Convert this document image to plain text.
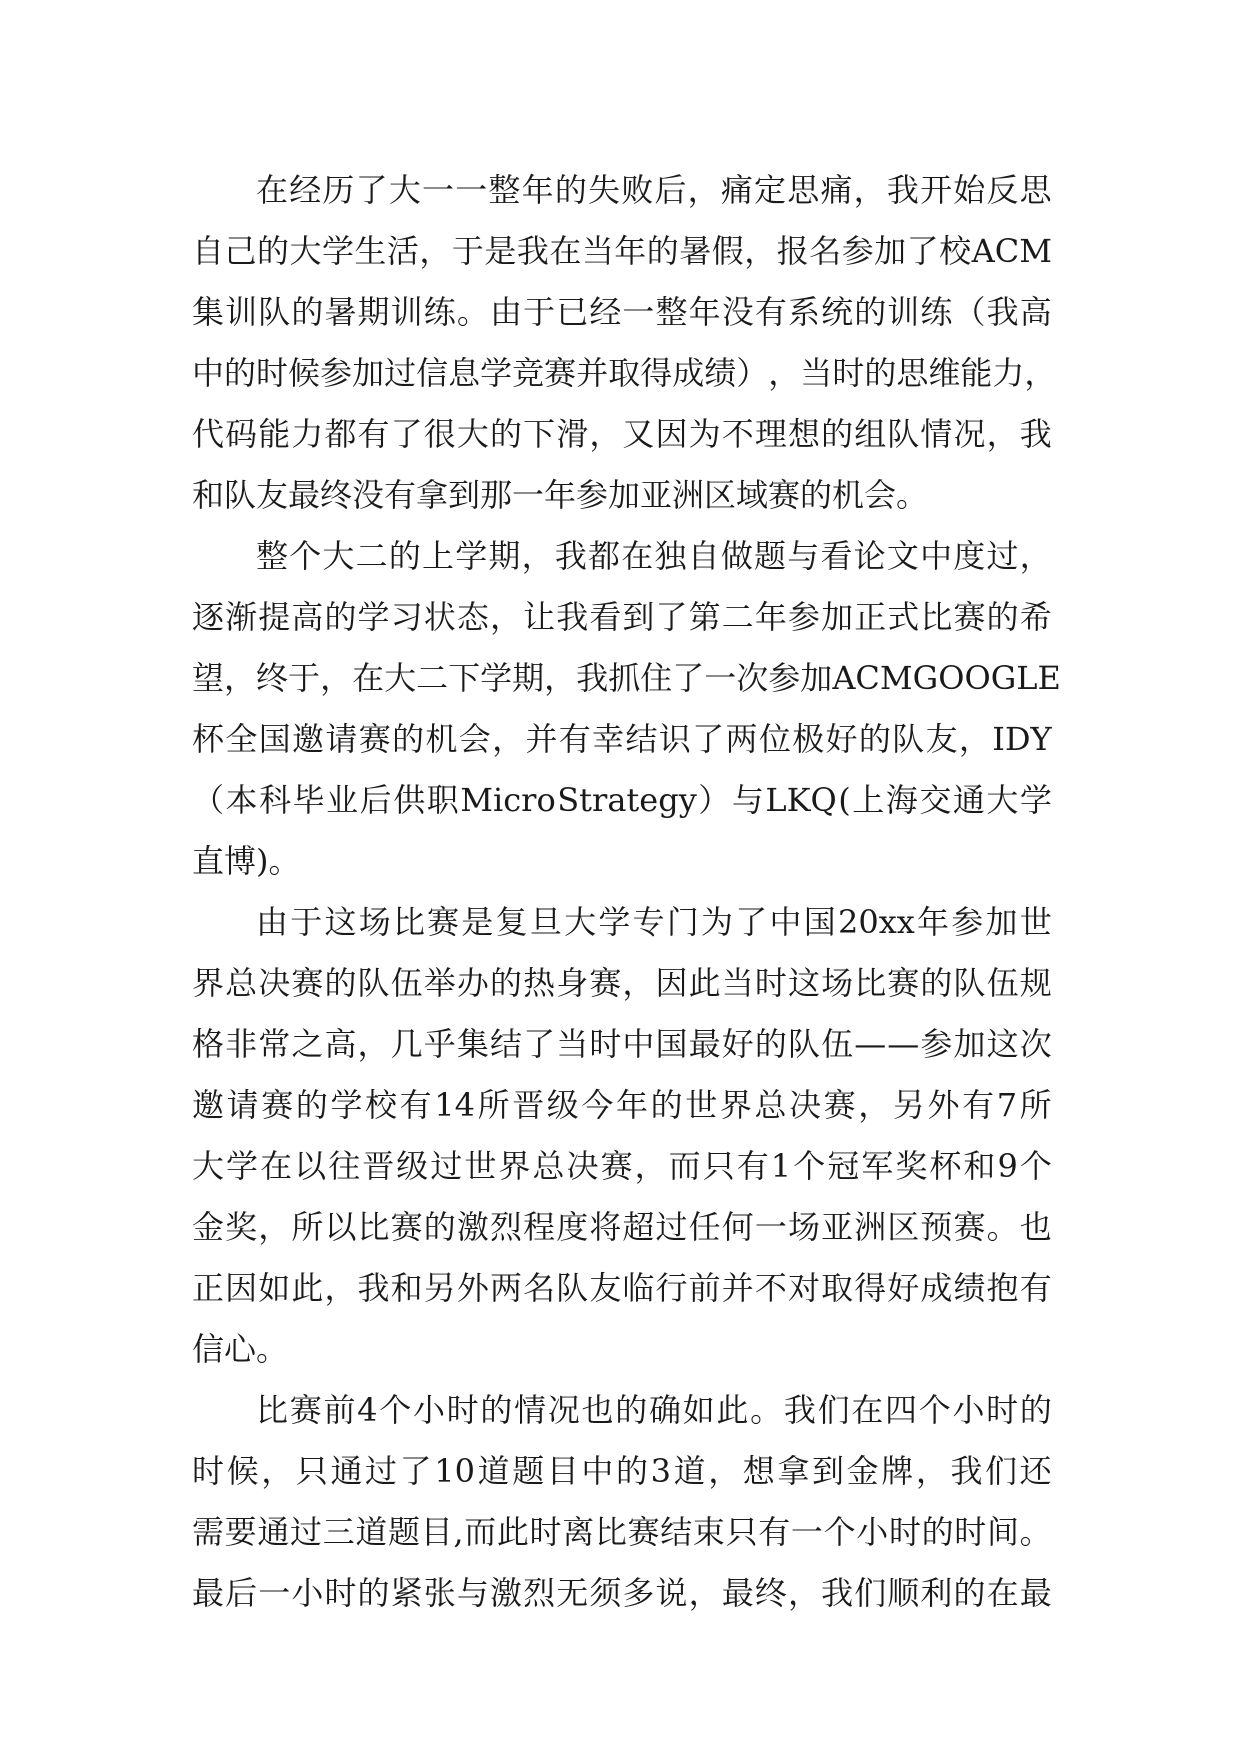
在 经 历 了 大 一 一 整 年 的 失 败 后 ， 痛 定 思 痛 ， 我 开 始 反 思
自 己 的 大 学 生 活 ， 于 是 我 在 当 年 的 暑 假 ， 报 名 参 加 了 校 ACM
集 训 队 的 暑 期 训 练 。 由 于 已 经 一 整 年 没 有 系 统 的 训 练 （ 我 高
中 的 时 候 参 加 过 信 息 学 竞 赛 并 取 得 成 绩 ） ， 当 时 的 思 维 能 力 ，
代 码 能 力 都 有 了 很 大 的 下 滑 ， 又 因 为 不 理 想 的 组 队 情 况 ， 我
和队友最终没有拿到那一年参加亚洲区域赛的机会。
整 个 大 二 的 上 学 期 ， 我 都 在 独 自 做 题 与 看 论 文 中 度 过 ，
逐 渐 提 高 的 学 习 状 态 ， 让 我 看 到 了 第 二 年 参 加 正 式 比 赛 的 希
望 ， 终 于 ， 在 大 二 下 学 期 ， 我 抓 住 了 一 次 参 加 ACM GOOGLE
杯 全 国 邀 请 赛 的 机 会 ， 并 有 幸 结 识 了 两 位 极 好 的 队 友 ， IDY
（ 本 科 毕 业 后 供 职 Micro Strategy ） 与 LKQ ( 上 海 交 通 大 学
直博)。
由 于 这 场 比 赛 是 复 旦 大 学 专 门 为 了 中 国 20xx 年 参 加 世
界 总 决 赛 的 队 伍 举 办 的 热 身 赛 ， 因 此 当 时 这 场 比 赛 的 队 伍 规
格 非 常 之 高 ， 几 乎 集 结 了 当 时 中 国 最 好 的 队 伍 — — 参 加 这 次
邀 请 赛 的 学 校 有 14 所 晋 级 今 年 的 世 界 总 决 赛 ， 另 外 有 7 所
大 学 在 以 往 晋 级 过 世 界 总 决 赛 ， 而 只 有 1 个 冠 军 奖 杯 和 9 个
金 奖 ， 所 以 比 赛 的 激 烈 程 度 将 超 过 任 何 一 场 亚 洲 区 预 赛 。 也
正 因 如 此 ， 我 和 另 外 两 名 队 友 临 行 前 并 不 对 取 得 好 成 绩 抱 有
信心。
比 赛 前 4 个 小 时 的 情 况 也 的 确 如 此 。 我 们 在 四 个 小 时 的
时 候 ， 只 通 过 了 10 道 题 目 中 的 3 道 ， 想 拿 到 金 牌 ， 我 们 还
需 要 通 过 三 道 题 目 , 而 此 时 离 比 赛 结 束 只 有 一 个 小 时 的 时 间 。
最 后 一 小 时 的 紧 张 与 激 烈 无 须 多 说 ， 最 终 ， 我 们 顺 利 的 在 最
